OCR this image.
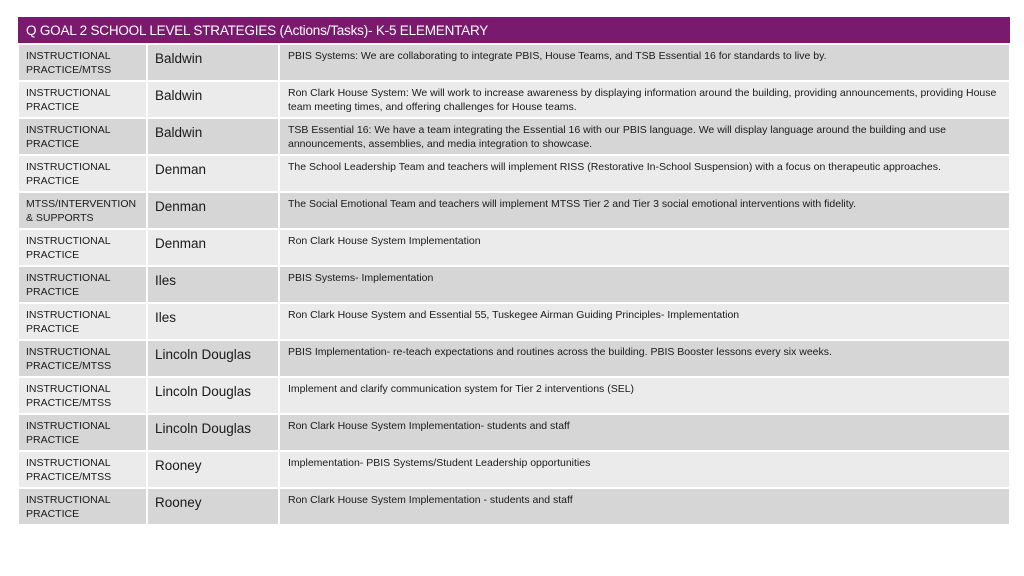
Q GOAL 2 SCHOOL LEVEL STRATEGIES (Actions/Tasks)- K-5 ELEMENTARY		

INSTRUCTIONAL PRACTICE/MTSS	Baldwin	PBIS Systems: We are collaborating to integrate PBIS, House Teams, and TSB Essential 16 for standards to live by.

INSTRUCTIONAL PRACTICE	Baldwin	Ron Clark House System: We will work to increase awareness by displaying information around the building, providing announcements, providing House team meeting times, and offering challenges for House teams.

INSTRUCTIONAL PRACTICE	Baldwin	TSB Essential 16: We have a team integrating the Essential 16 with our PBIS language. We will display language around the building and use announcements, assemblies, and media integration to showcase.

INSTRUCTIONAL PRACTICE	Denman	The School Leadership Team and teachers will implement RISS (Restorative In-School Suspension) with a focus on therapeutic approaches.

MTSS/INTERVENTION & SUPPORTS	Denman	The Social Emotional Team and teachers will implement MTSS Tier 2 and Tier 3 social emotional interventions with fidelity.

INSTRUCTIONAL PRACTICE	Denman	Ron Clark House System Implementation

INSTRUCTIONAL PRACTICE	Iles	PBIS Systems- Implementation

INSTRUCTIONAL PRACTICE	Iles	Ron Clark House System and Essential 55, Tuskegee Airman Guiding Principles- Implementation

INSTRUCTIONAL PRACTICE/MTSS	Lincoln Douglas	PBIS Implementation- re-teach expectations and routines across the building. PBIS Booster lessons every six weeks.

INSTRUCTIONAL PRACTICE/MTSS	Lincoln Douglas	Implement and clarify communication system for Tier 2 interventions (SEL)

INSTRUCTIONAL PRACTICE	Lincoln Douglas	Ron Clark House System Implementation- students and staff

INSTRUCTIONAL PRACTICE/MTSS	Rooney	Implementation- PBIS Systems/Student Leadership opportunities

INSTRUCTIONAL PRACTICE	Rooney	Ron Clark House System Implementation - students and staff
